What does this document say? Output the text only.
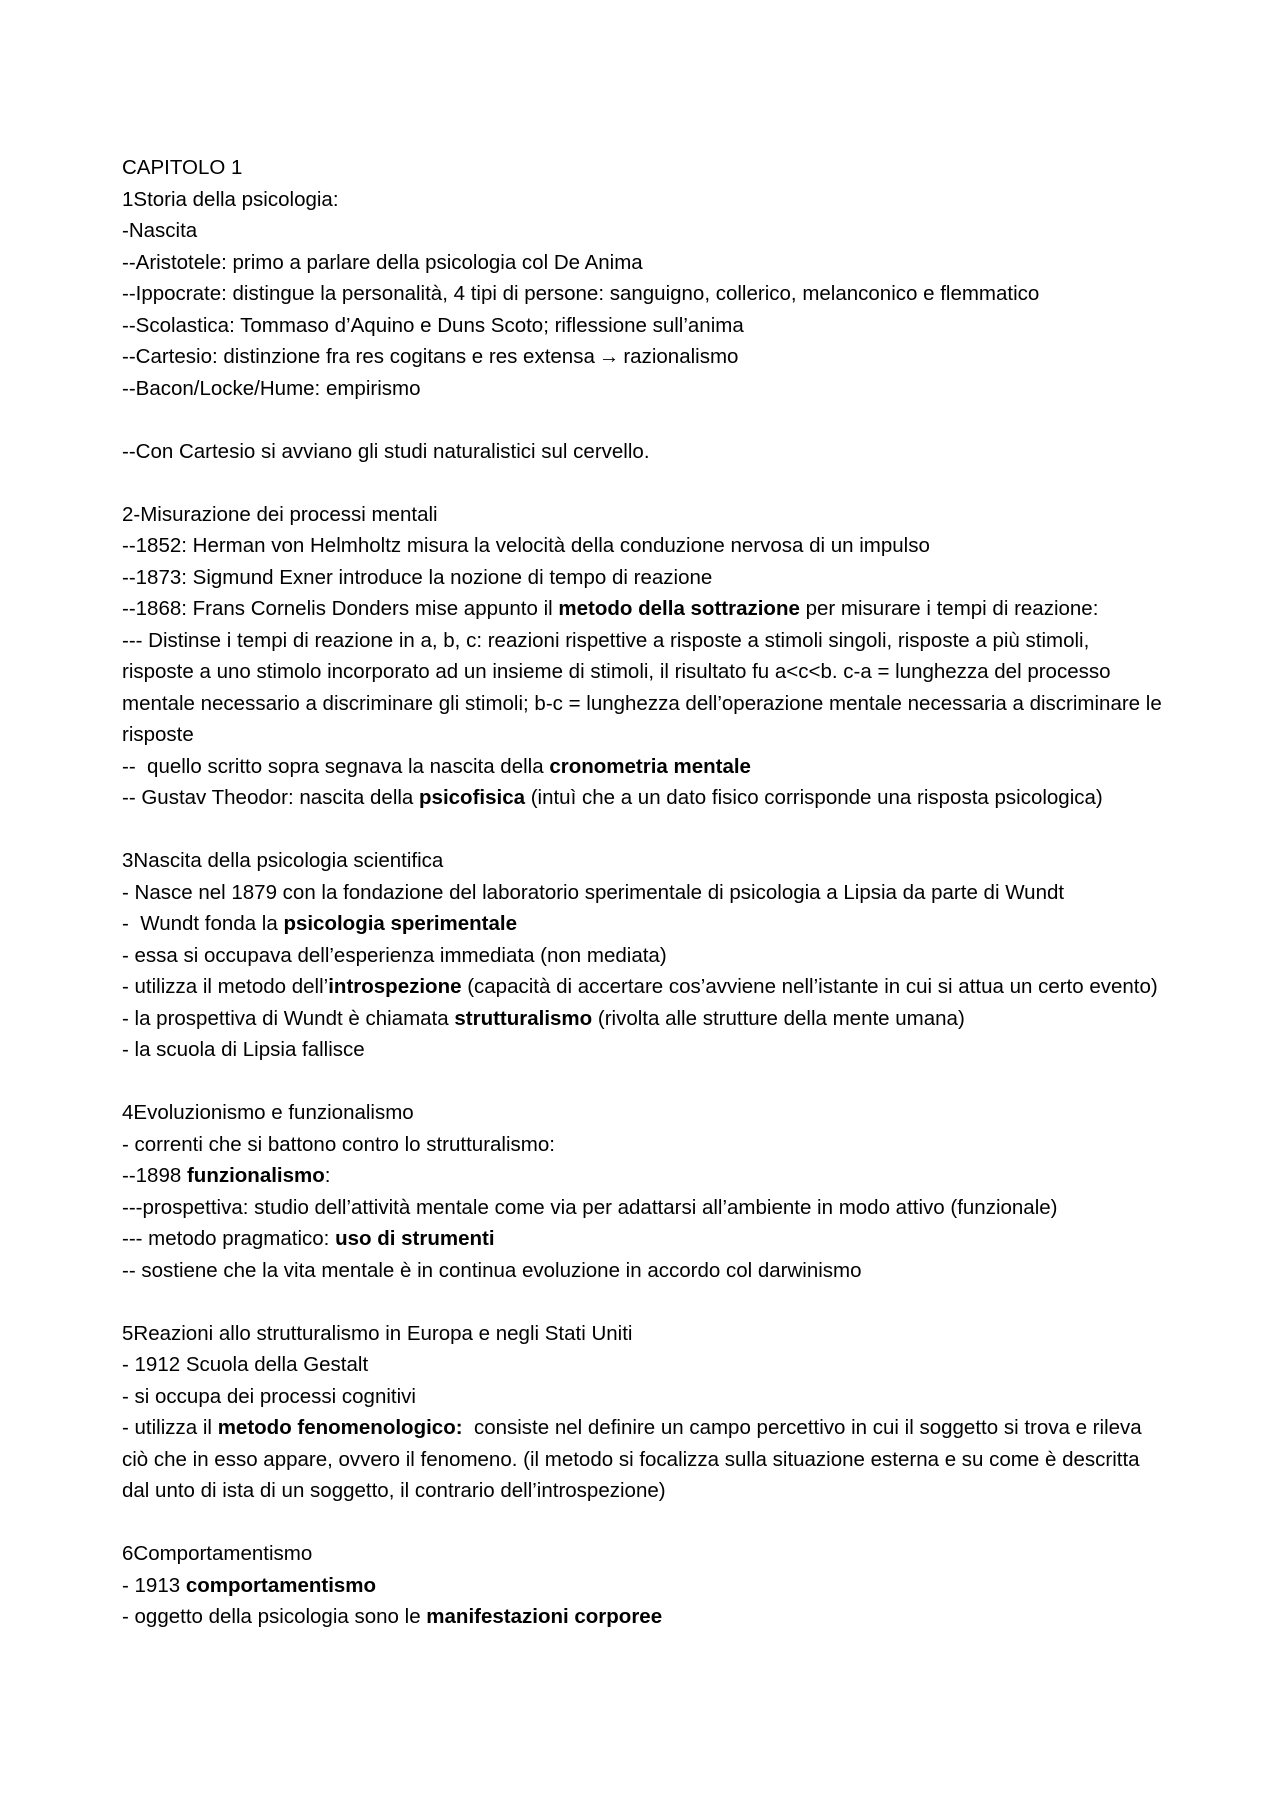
CAPITOLO 1
1Storia della psicologia:
-Nascita
--Aristotele: primo a parlare della psicologia col De Anima
--Ippocrate: distingue la personalità, 4 tipi di persone: sanguigno, collerico, melanconico e flemmatico
--Scolastica: Tommaso d’Aquino e Duns Scoto; riflessione sull’anima
--Cartesio: distinzione fra res cogitans e res extensa → razionalismo
--Bacon/Locke/Hume: empirismo
--Con Cartesio si avviano gli studi naturalistici sul cervello.
2-Misurazione dei processi mentali
--1852: Herman von Helmholtz misura la velocità della conduzione nervosa di un impulso
--1873: Sigmund Exner introduce la nozione di tempo di reazione
--1868: Frans Cornelis Donders mise appunto il metodo della sottrazione per misurare i tempi di reazione:
--- Distinse i tempi di reazione in a, b, c: reazioni rispettive a risposte a stimoli singoli, risposte a più stimoli, risposte a uno stimolo incorporato ad un insieme di stimoli, il risultato fu a<c<b. c-a = lunghezza del processo mentale necessario a discriminare gli stimoli; b-c = lunghezza dell’operazione mentale necessaria a discriminare le risposte
--  quello scritto sopra segnava la nascita della cronometria mentale
-- Gustav Theodor: nascita della psicofisica (intuì che a un dato fisico corrisponde una risposta psicologica)
3Nascita della psicologia scientifica
- Nasce nel 1879 con la fondazione del laboratorio sperimentale di psicologia a Lipsia da parte di Wundt
-  Wundt fonda la psicologia sperimentale
- essa si occupava dell’esperienza immediata (non mediata)
- utilizza il metodo dell’introspezione (capacità di accertare cos’avviene nell’istante in cui si attua un certo evento)
- la prospettiva di Wundt è chiamata strutturalismo (rivolta alle strutture della mente umana)
- la scuola di Lipsia fallisce
4Evoluzionismo e funzionalismo
- correnti che si battono contro lo strutturalismo:
--1898 funzionalismo:
---prospettiva: studio dell’attività mentale come via per adattarsi all’ambiente in modo attivo (funzionale)
--- metodo pragmatico: uso di strumenti
-- sostiene che la vita mentale è in continua evoluzione in accordo col darwinismo
5Reazioni allo strutturalismo in Europa e negli Stati Uniti
- 1912 Scuola della Gestalt
- si occupa dei processi cognitivi
- utilizza il metodo fenomenologico:  consiste nel definire un campo percettivo in cui il soggetto si trova e rileva ciò che in esso appare, ovvero il fenomeno. (il metodo si focalizza sulla situazione esterna e su come è descritta dal unto di ista di un soggetto, il contrario dell’introspezione)
6Comportamentismo
- 1913 comportamentismo
- oggetto della psicologia sono le manifestazioni corporee
